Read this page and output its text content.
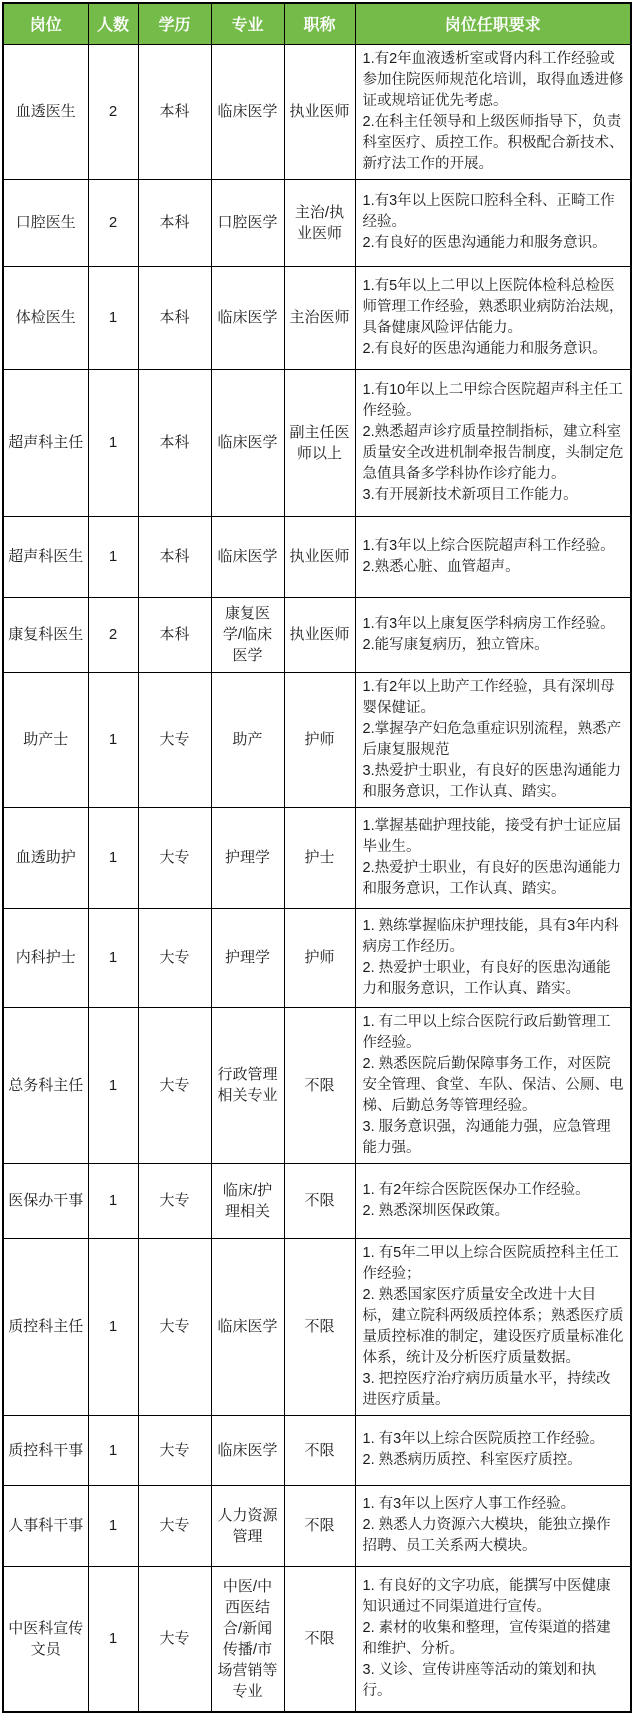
岗位	人数	学历	专业	职称	岗位任职要求
血透医生	2	本科	临床医学	执业医师	1.有2年血液透析室或肾内科工作经验或参加住院医师规范化培训，取得血透进修证或规培证优先考虑。
2.在科主任领导和上级医师指导下，负责科室医疗、质控工作。积极配合新技术、新疗法工作的开展。

口腔医生	2	本科	口腔医学	主治/执业医师	1.有3年以上医院口腔科全科、正畸工作经验。
2.有良好的医患沟通能力和服务意识。

体检医生	1	本科	临床医学	主治医师	1.有5年以上二甲以上医院体检科总检医师管理工作经验，熟悉职业病防治法规，具备健康风险评估能力。
2.有良好的医患沟通能力和服务意识。

超声科主任	1	本科	临床医学	副主任医师以上	1.有10年以上二甲综合医院超声科主任工作经验。
2.熟悉超声诊疗质量控制指标，建立科室质量安全改进机制牵报告制度，头制定危急值具备多学科协作诊疗能力。
3.有开展新技术新项目工作能力。

超声科医生	1	本科	临床医学	执业医师	1.有3年以上综合医院超声科工作经验。
2.熟悉心脏、血管超声。

康复科医生	2	本科	康复医学/临床医学	执业医师	1.有3年以上康复医学科病房工作经验。
2.能写康复病历，独立管床。

助产士	1	大专	助产	护师	1.有2年以上助产工作经验，具有深圳母婴保健证。
2.掌握孕产妇危急重症识别流程，熟悉产后康复服规范
3.热爱护士职业，有良好的医患沟通能力和服务意识，工作认真、踏实。

血透助护	1	大专	护理学	护士	1.掌握基础护理技能，接受有护士证应届毕业生。
2.热爱护士职业，有良好的医患沟通能力和服务意识，工作认真、踏实。

内科护士	1	大专	护理学	护师	1. 熟练掌握临床护理技能，具有3年内科病房工作经历。
2. 热爱护士职业，有良好的医患沟通能力和服务意识，工作认真、踏实。

总务科主任	1	大专	行政管理相关专业	不限	1. 有二甲以上综合医院行政后勤管理工作经验。
2. 熟悉医院后勤保障事务工作，对医院安全管理、食堂、车队、保洁、公厕、电梯、后勤总务等管理经验。
3. 服务意识强，沟通能力强，应急管理能力强。

医保办干事	1	大专	临床/护理相关	不限	1. 有2年综合医院医保办工作经验。
2. 熟悉深圳医保政策。

质控科主任	1	大专	临床医学	不限	1. 有5年二甲以上综合医院质控科主任工作经验；
2. 熟悉国家医疗质量安全改进十大目标，建立院科两级质控体系；熟悉医疗质量质控标准的制定，建设医疗质量标准化体系，统计及分析医疗质量数据。
3. 把控医疗治疗病历质量水平，持续改进医疗质量。

质控科干事	1	大专	临床医学	不限	1. 有3年以上综合医院质控工作经验。
2. 熟悉病历质控、科室医疗质控。

人事科干事	1	大专	人力资源管理	不限	1. 有3年以上医疗人事工作经验。
2. 熟悉人力资源六大模块，能独立操作招聘、员工关系两大模块。

中医科宣传文员	1	大专	中医/中西医结合/新闻传播/市场营销等专业	不限	1. 有良好的文字功底，能撰写中医健康知识通过不同渠道进行宣传。
2. 素材的收集和整理，宣传渠道的搭建和维护、分析。
3. 义诊、宣传讲座等活动的策划和执行。
